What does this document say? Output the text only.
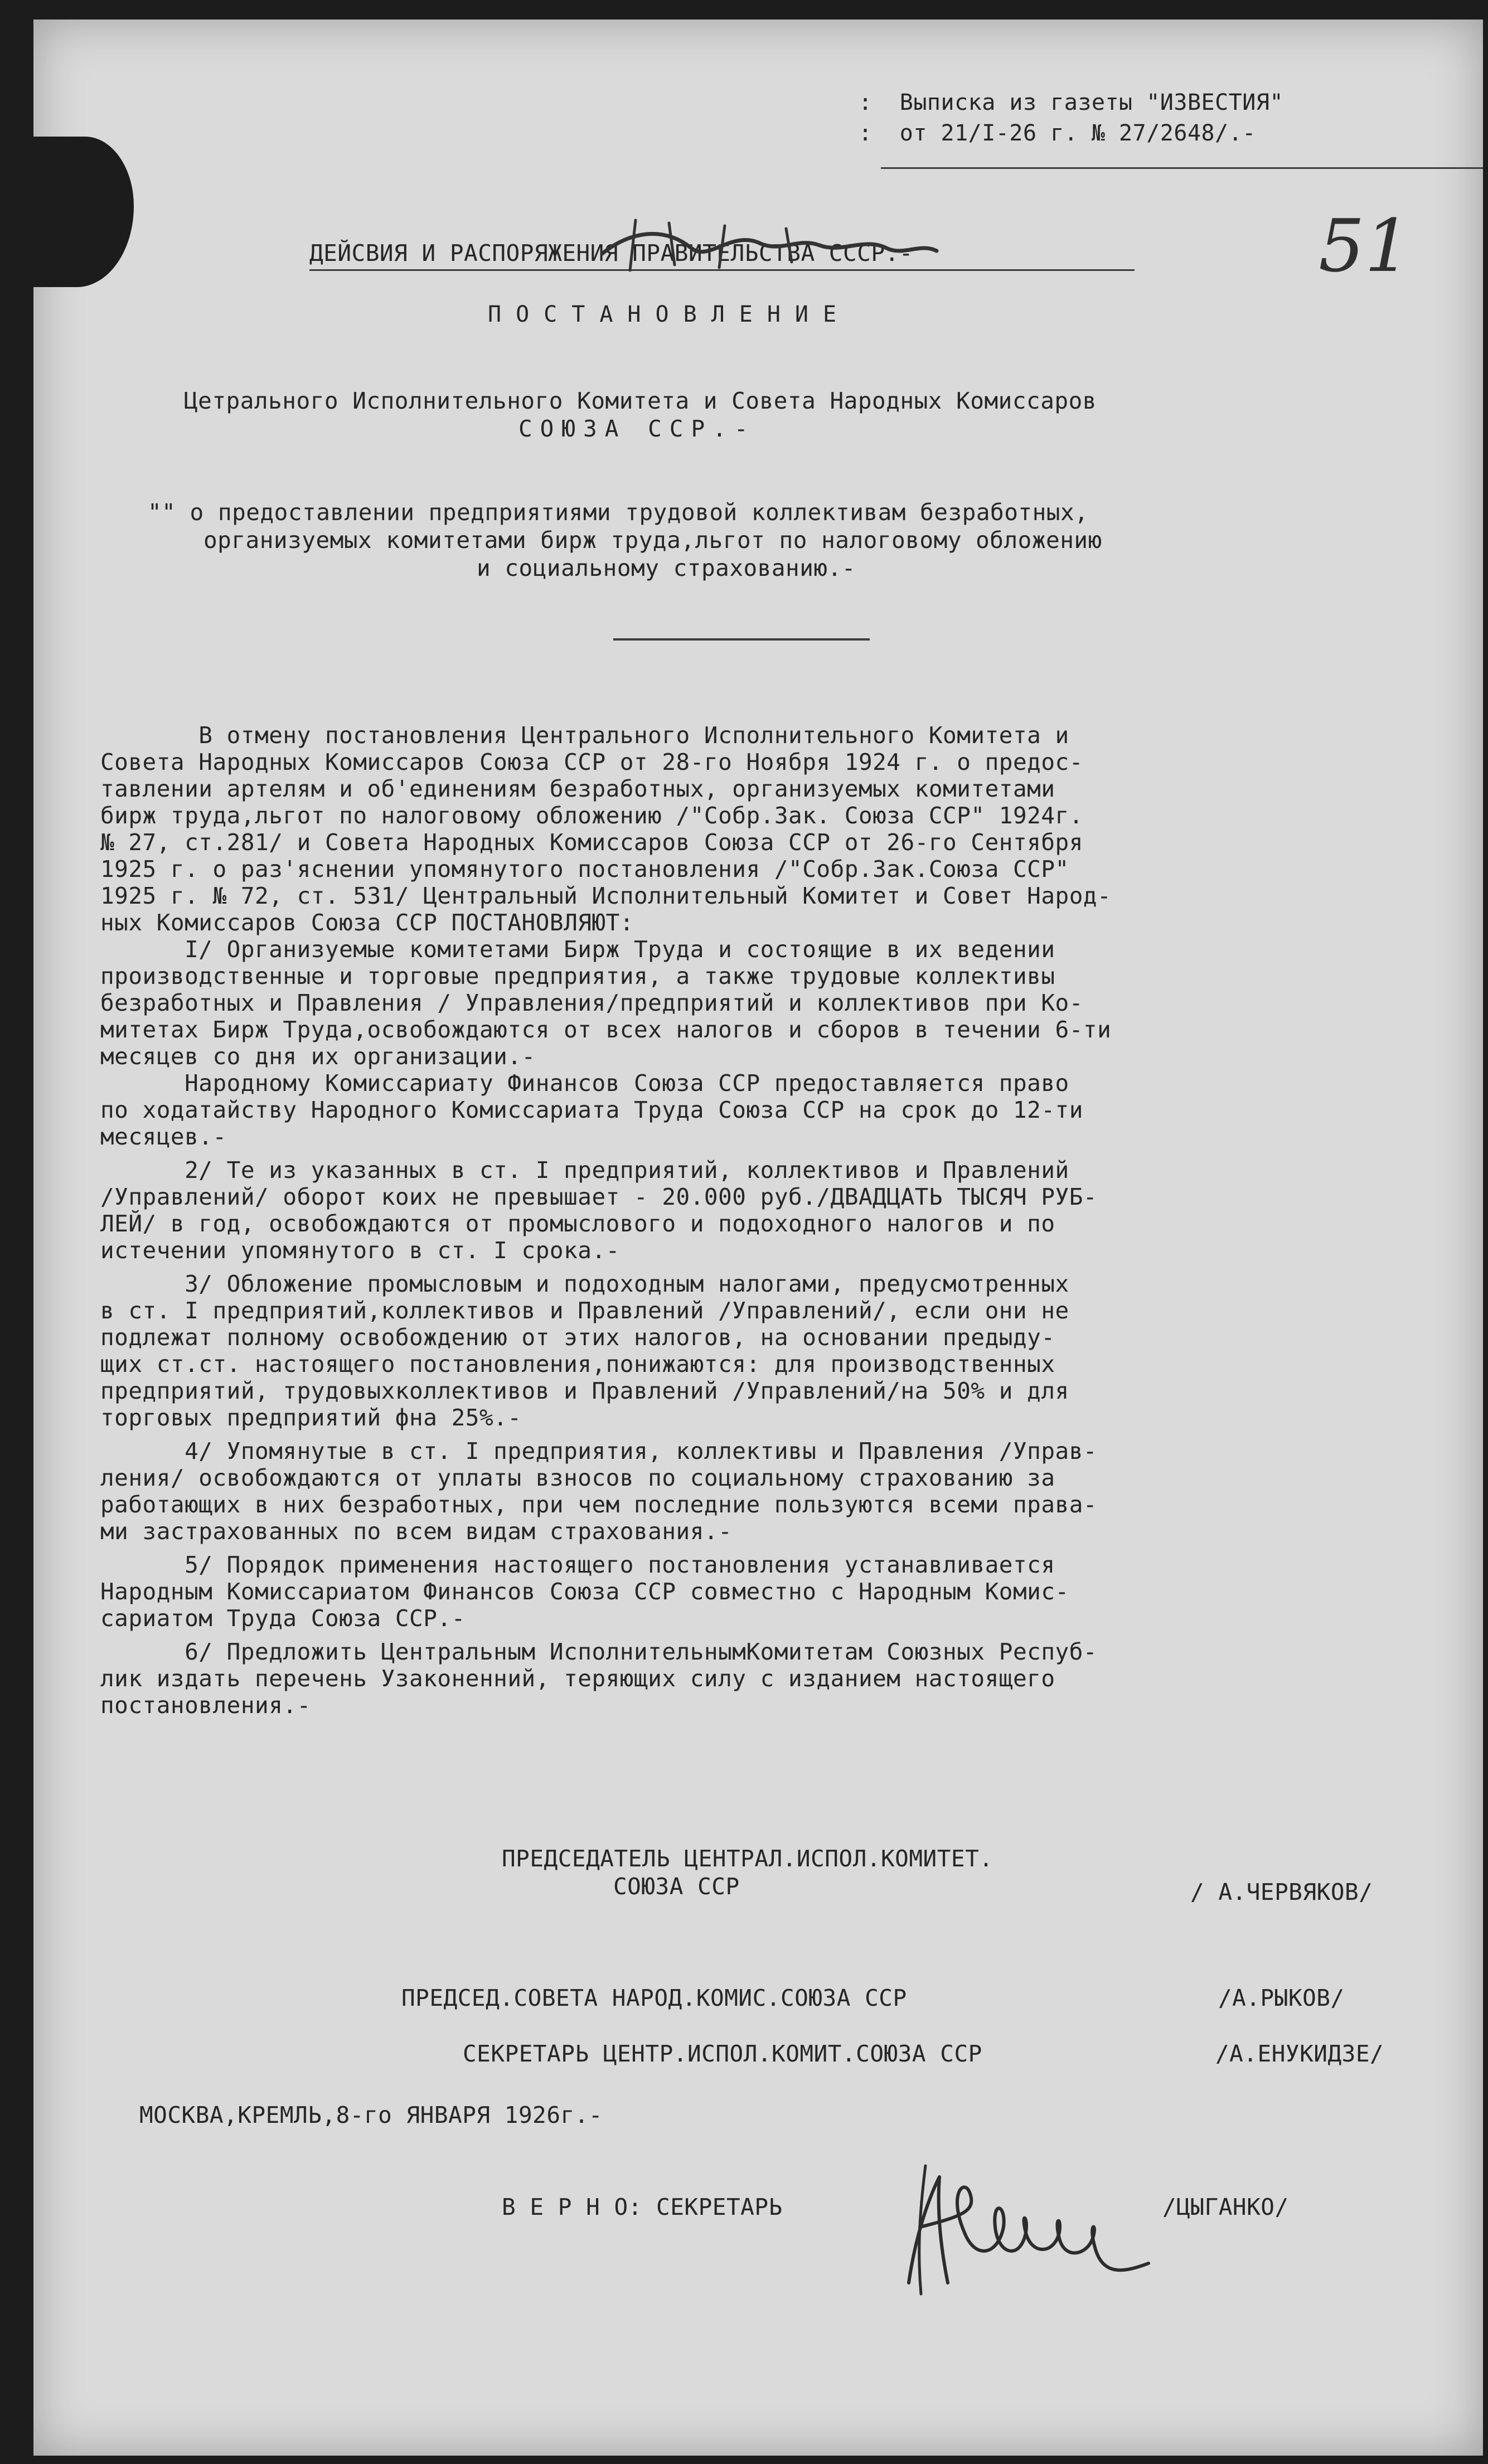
:  Выписка из газеты "ИЗВЕСТИЯ"
:  от 21/I-26 г. № 27/2648/.-
51
ДЕЙСВИЯ И РАСПОРЯЖЕНИЯ ПРАВИТЕЛЬСТВА СССР.-
ПОСТАНОВЛЕНИЕ
Цетрального Исполнительного Комитета и Совета Народных Комиссаров
СОЮЗА ССР.-
"" о предоставлении предприятиями трудовой коллективам безработных,
организуемых комитетами бирж труда,льгот по налоговому обложению
и социальному страхованию.-
В отмену постановления Центрального Исполнительного Комитета и
Совета Народных Комиссаров Союза ССР от 28-го Ноября 1924 г. о предос-
тавлении артелям и об'единениям безработных, организуемых комитетами
бирж труда,льгот по налоговому обложению /"Собр.Зак. Союза ССР" 1924г.
№ 27, ст.281/ и Совета Народных Комиссаров Союза ССР от 26-го Сентября
1925 г. о раз'яснении упомянутого постановления /"Собр.Зак.Союза ССР"
1925 г. № 72, ст. 531/ Центральный Исполнительный Комитет и Совет Народ-
ных Комиссаров Союза ССР ПОСТАНОВЛЯЮТ:
I/ Организуемые комитетами Бирж Труда и состоящие в их ведении
производственные и торговые предприятия, а также трудовые коллективы
безработных и Правления / Управления/предприятий и коллективов при Ко-
митетах Бирж Труда,освобождаются от всех налогов и сборов в течении 6-ти
месяцев со дня их организации.-
Народному Комиссариату Финансов Союза ССР предоставляется право
по ходатайству Народного Комиссариата Труда Союза ССР на срок до 12-ти
месяцев.-
2/ Те из указанных в ст. I предприятий, коллективов и Правлений
/Управлений/ оборот коих не превышает - 20.000 руб./ДВАДЦАТЬ ТЫСЯЧ РУБ-
ЛЕЙ/ в год, освобождаются от промыслового и подоходного налогов и по
истечении упомянутого в ст. I срока.-
3/ Обложение промысловым и подоходным налогами, предусмотренных
в ст. I предприятий,коллективов и Правлений /Управлений/, если они не
подлежат полному освобождению от этих налогов, на основании предыду-
щих ст.ст. настоящего постановления,понижаются: для производственных
предприятий, трудовыхколлективов и Правлений /Управлений/на 50% и для
торговых предприятий фна 25%.-
4/ Упомянутые в ст. I предприятия, коллективы и Правления /Управ-
ления/ освобождаются от уплаты взносов по социальному страхованию за
работающих в них безработных, при чем последние пользуются всеми права-
ми застрахованных по всем видам страхования.-
5/ Порядок применения настоящего постановления устанавливается
Народным Комиссариатом Финансов Союза ССР совместно с Народным Комис-
сариатом Труда Союза ССР.-
6/ Предложить Центральным ИсполнительнымКомитетам Союзных Респуб-
лик издать перечень Узаконенний, теряющих силу с изданием настоящего
постановления.-
ПРЕДСЕДАТЕЛЬ ЦЕНТРАЛ.ИСПОЛ.КОМИТЕТ.
СОЮЗА ССР	/ А.ЧЕРВЯКОВ/
ПРЕДСЕД.СОВЕТА НАРОД.КОМИС.СОЮЗА ССР	/А.РЫКОВ/
СЕКРЕТАРЬ ЦЕНТР.ИСПОЛ.КОМИТ.СОЮЗА ССР	/А.ЕНУКИДЗЕ/
МОСКВА,КРЕМЛЬ,8-го ЯНВАРЯ 1926г.-
В Е Р Н О: СЕКРЕТАРЬ	/ЦЫГАНКО/
